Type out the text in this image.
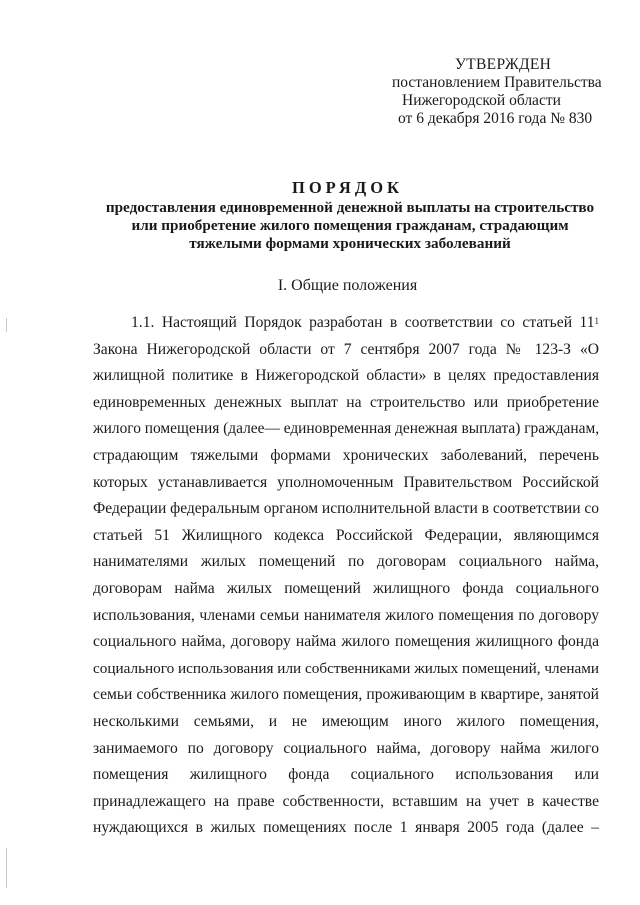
УТВЕРЖДЕН
постановлением Правительства
Нижегородской области
от 6 декабря 2016 года № 830
ПОРЯДОК
предоставления единовременной денежной выплаты на строительство
или приобретение жилого помещения гражданам, страдающим
тяжелыми формами хронических заболеваний
I. Общие положения
1.1. Настоящий Порядок разработан в соответствии со статьей 11$^1$
Закона Нижегородской области от 7 сентября 2007 года № 123-З «О
жилищной политике в Нижегородской области» в целях предоставления
единовременных денежных выплат на строительство или приобретение
жилого помещения (далее— единовременная денежная выплата) гражданам,
страдающим тяжелыми формами хронических заболеваний, перечень
которых устанавливается уполномоченным Правительством Российской
Федерации федеральным органом исполнительной власти в соответствии со
статьей 51 Жилищного кодекса Российской Федерации, являющимся
нанимателями жилых помещений по договорам социального найма,
договорам найма жилых помещений жилищного фонда социального
использования, членами семьи нанимателя жилого помещения по договору
социального найма, договору найма жилого помещения жилищного фонда
социального использования или собственниками жилых помещений, членами
семьи собственника жилого помещения, проживающим в квартире, занятой
несколькими семьями, и не имеющим иного жилого помещения,
занимаемого по договору социального найма, договору найма жилого
помещения жилищного фонда социального использования или
принадлежащего на праве собственности, вставшим на учет в качестве
нуждающихся в жилых помещениях после 1 января 2005 года (далее –
